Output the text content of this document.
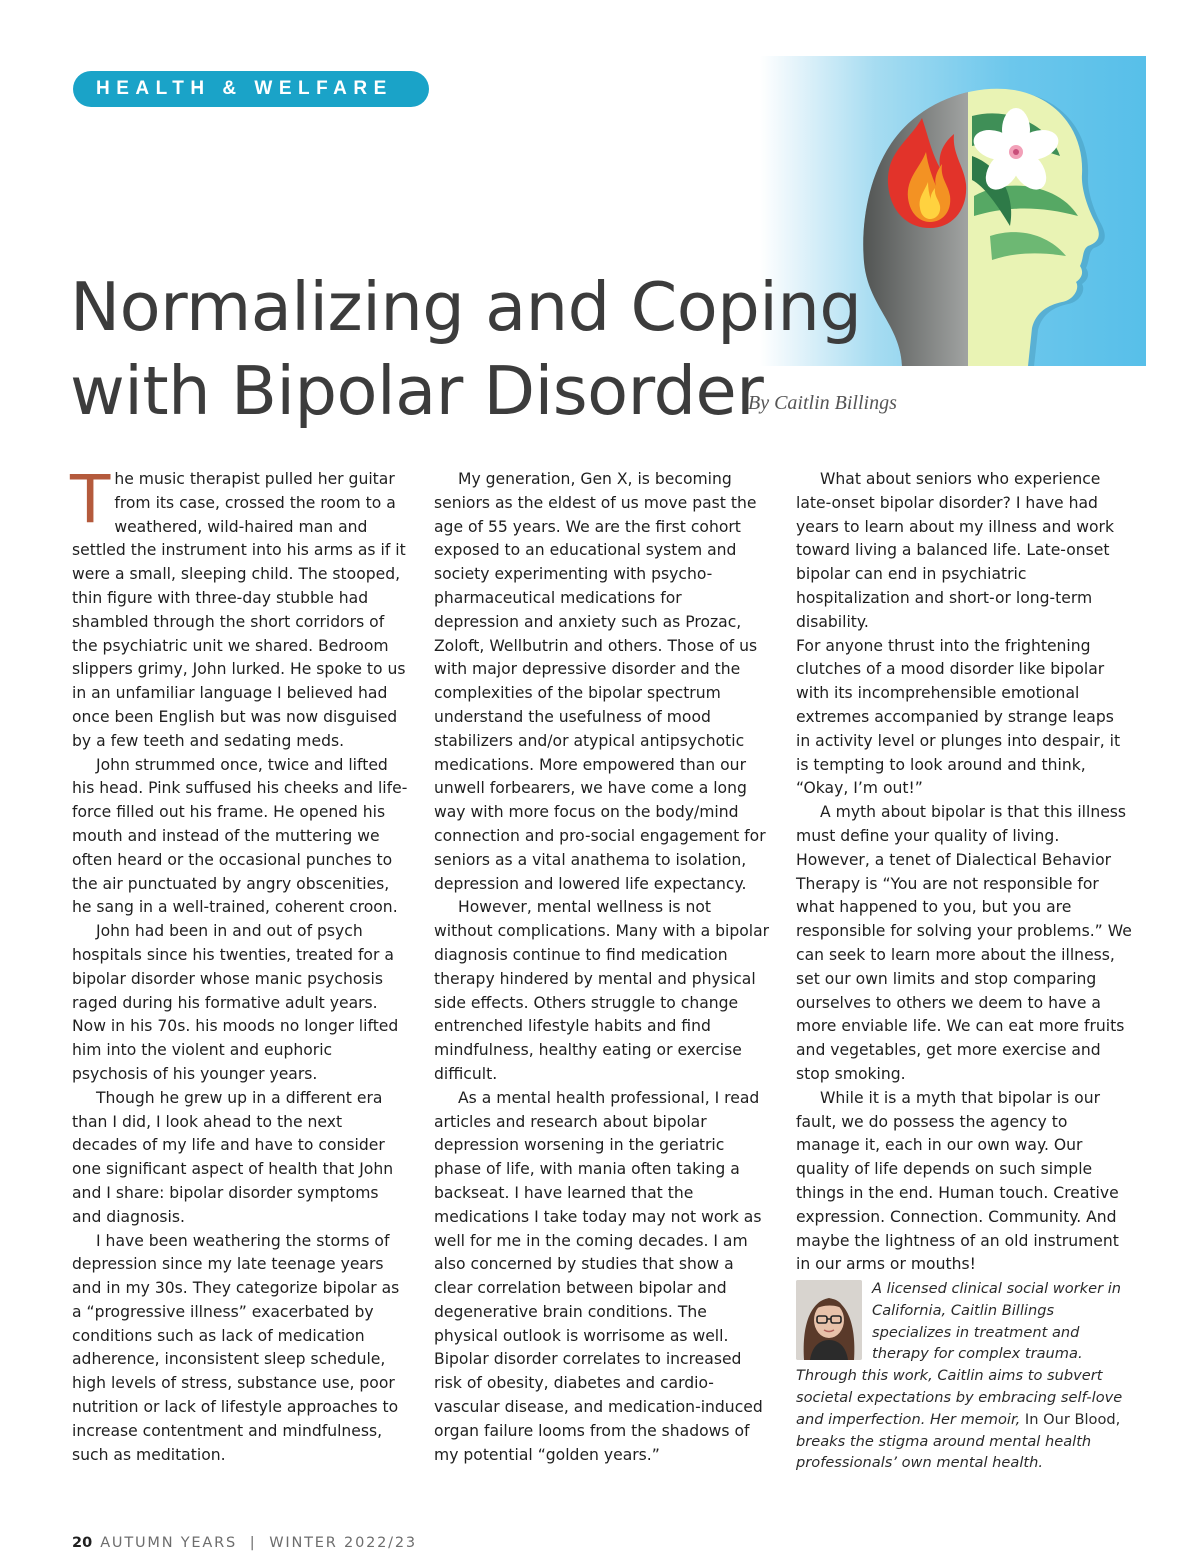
HEALTH & WELFARE
Normalizing and Coping
with Bipolar Disorder
By Caitlin Billings

The music therapist pulled her guitar from its case, crossed the room to a weathered, wild-haired man and settled the instrument into his arms as if it were a small, sleeping child. The stooped, thin figure with three-day stubble had shambled through the short corridors of the psychiatric unit we shared. Bedroom slippers grimy, John lurked. He spoke to us in an unfamiliar language I believed had once been English but was now disguised by a few teeth and sedating meds.

John strummed once, twice and lifted his head. Pink suffused his cheeks and life-force filled out his frame. He opened his mouth and instead of the muttering we often heard or the occasional punches to the air punctuated by angry obscenities, he sang in a well-trained, coherent croon.

John had been in and out of psych hospitals since his twenties, treated for a bipolar disorder whose manic psychosis raged during his formative adult years. Now in his 70s. his moods no longer lifted him into the violent and euphoric psychosis of his younger years.

Though he grew up in a different era than I did, I look ahead to the next decades of my life and have to consider one significant aspect of health that John and I share: bipolar disorder symptoms and diagnosis.

I have been weathering the storms of depression since my late teenage years and in my 30s. They categorize bipolar as a “progressive illness” exacerbated by conditions such as lack of medication adherence, inconsistent sleep schedule, high levels of stress, substance use, poor nutrition or lack of lifestyle approaches to increase contentment and mindfulness, such as meditation.

My generation, Gen X, is becoming seniors as the eldest of us move past the age of 55 years. We are the first cohort exposed to an educational system and society experimenting with psycho-pharmaceutical medications for depression and anxiety such as Prozac, Zoloft, Wellbutrin and others. Those of us with major depressive disorder and the complexities of the bipolar spectrum understand the usefulness of mood stabilizers and/or atypical antipsychotic medications. More empowered than our unwell forbearers, we have come a long way with more focus on the body/mind connection and pro-social engagement for seniors as a vital anathema to isolation, depression and lowered life expectancy.

However, mental wellness is not without complications. Many with a bipolar diagnosis continue to find medication therapy hindered by mental and physical side effects. Others struggle to change entrenched lifestyle habits and find mindfulness, healthy eating or exercise difficult.

As a mental health professional, I read articles and research about bipolar depression worsening in the geriatric phase of life, with mania often taking a backseat. I have learned that the medications I take today may not work as well for me in the coming decades. I am also concerned by studies that show a clear correlation between bipolar and degenerative brain conditions. The physical outlook is worrisome as well. Bipolar disorder correlates to increased risk of obesity, diabetes and cardio-vascular disease, and medication-induced organ failure looms from the shadows of my potential “golden years.”

What about seniors who experience late-onset bipolar disorder? I have had years to learn about my illness and work toward living a balanced life. Late-onset bipolar can end in psychiatric hospitalization and short-or long-term disability.

For anyone thrust into the frightening clutches of a mood disorder like bipolar with its incomprehensible emotional extremes accompanied by strange leaps in activity level or plunges into despair, it is tempting to look around and think, “Okay, I’m out!”

A myth about bipolar is that this illness must define your quality of living. However, a tenet of Dialectical Behavior Therapy is “You are not responsible for what happened to you, but you are responsible for solving your problems.” We can seek to learn more about the illness, set our own limits and stop comparing ourselves to others we deem to have a more enviable life. We can eat more fruits and vegetables, get more exercise and stop smoking.

While it is a myth that bipolar is our fault, we do possess the agency to manage it, each in our own way. Our quality of life depends on such simple things in the end. Human touch. Creative expression. Connection. Community. And maybe the lightness of an old instrument in our arms or mouths!

A licensed clinical social worker in California, Caitlin Billings specializes in treatment and therapy for complex trauma. Through this work, Caitlin aims to subvert societal expectations by embracing self-love and imperfection. Her memoir, In Our Blood, breaks the stigma around mental health professionals’ own mental health.
20 AUTUMN YEARS  |  WINTER 2022/23
